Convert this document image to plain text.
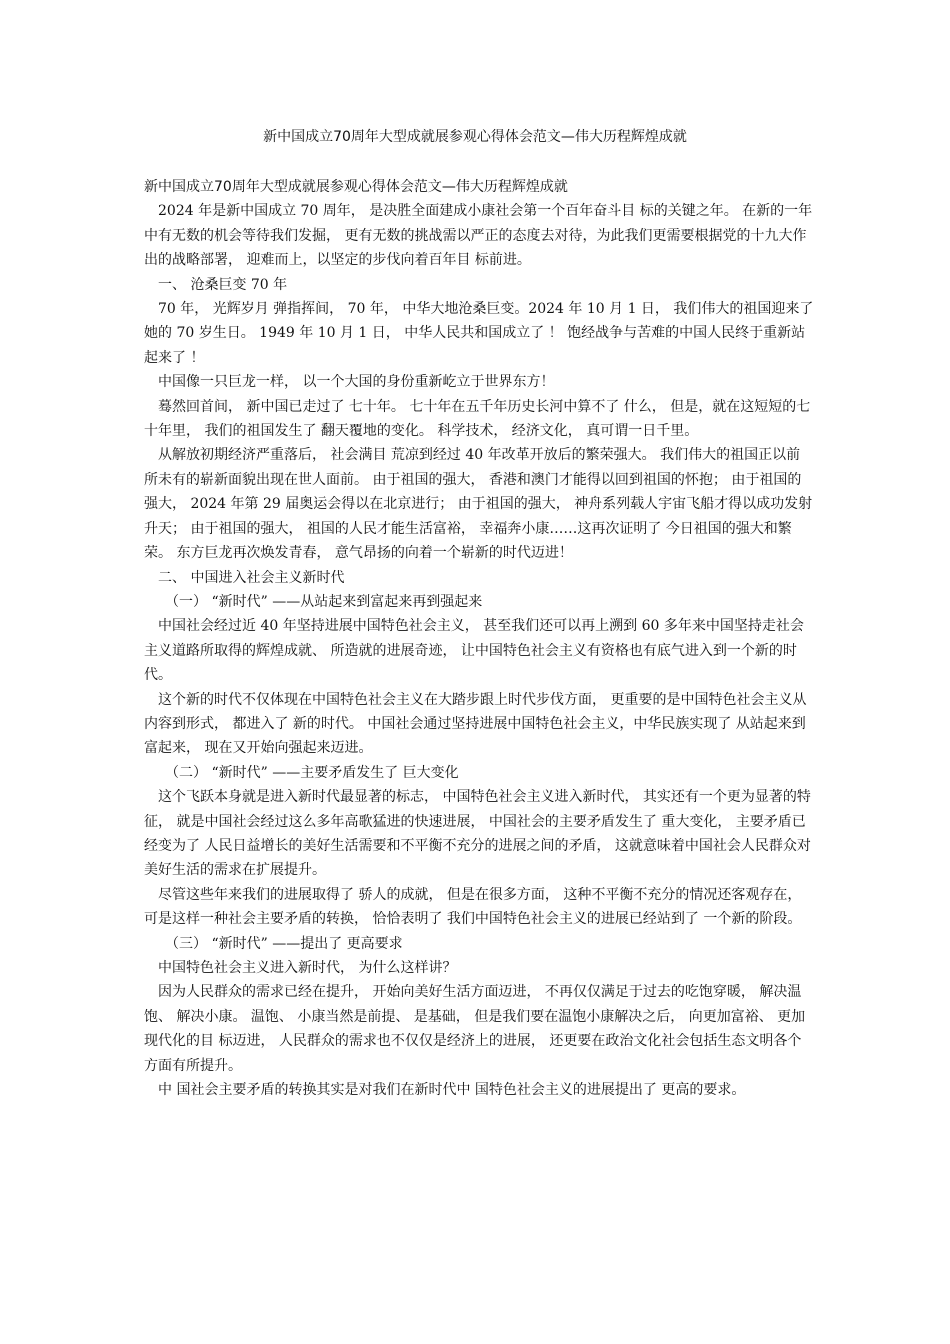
新中国成立70周年大型成就展参观心得体会范文—伟大历程辉煌成就

新中国成立70周年大型成就展参观心得体会范文—伟大历程辉煌成就

2024 年是新中国成立 70 周年， 是决胜全面建成小康社会第一个百年奋斗目 标的关键之年。 在新的一年中有无数的机会等待我们发掘， 更有无数的挑战需以严正的态度去对待，为此我们更需要根据党的十九大作出的战略部署， 迎难而上，以坚定的步伐向着百年目 标前进。

一、 沧桑巨变 70 年

70 年， 光辉岁月 弹指挥间， 70 年， 中华大地沧桑巨变。2024 年 10 月 1 日， 我们伟大的祖国迎来了 她的 70 岁生日。 1949 年 10 月 1 日， 中华人民共和国成立了 ！ 饱经战争与苦难的中国人民终于重新站起来了 ！

中国像一只巨龙一样， 以一个大国的身份重新屹立于世界东方！

蓦然回首间， 新中国已走过了 七十年。 七十年在五千年历史长河中算不了 什么， 但是，就在这短短的七十年里， 我们的祖国发生了 翻天覆地的变化。 科学技术， 经济文化， 真可谓一日千里。

从解放初期经济严重落后， 社会满目 荒凉到经过 40 年改革开放后的繁荣强大。 我们伟大的祖国正以前所未有的崭新面貌出现在世人面前。 由于祖国的强大， 香港和澳门才能得以回到祖国的怀抱； 由于祖国的强大， 2024 年第 29 届奥运会得以在北京进行； 由于祖国的强大， 神舟系列载人宇宙飞船才得以成功发射升天； 由于祖国的强大， 祖国的人民才能生活富裕， 幸福奔小康……这再次证明了 今日祖国的强大和繁荣。 东方巨龙再次焕发青春， 意气昂扬的向着一个崭新的时代迈进！

二、 中国进入社会主义新时代

（一） “新时代” ——从站起来到富起来再到强起来

中国社会经过近 40 年坚持进展中国特色社会主义， 甚至我们还可以再上溯到 60 多年来中国坚持走社会主义道路所取得的辉煌成就、 所造就的进展奇迹， 让中国特色社会主义有资格也有底气进入到一个新的时代。

这个新的时代不仅体现在中国特色社会主义在大踏步跟上时代步伐方面， 更重要的是中国特色社会主义从内容到形式， 都进入了 新的时代。 中国社会通过坚持进展中国特色社会主义，中华民族实现了 从站起来到富起来， 现在又开始向强起来迈进。

（二） “新时代” ——主要矛盾发生了 巨大变化

这个飞跃本身就是进入新时代最显著的标志， 中国特色社会主义进入新时代， 其实还有一个更为显著的特征， 就是中国社会经过这么多年高歌猛进的快速进展， 中国社会的主要矛盾发生了 重大变化， 主要矛盾已经变为了 人民日益增长的美好生活需要和不平衡不充分的进展之间的矛盾， 这就意味着中国社会人民群众对美好生活的需求在扩展提升。

尽管这些年来我们的进展取得了 骄人的成就， 但是在很多方面， 这种不平衡不充分的情况还客观存在， 可是这样一种社会主要矛盾的转换， 恰恰表明了 我们中国特色社会主义的进展已经站到了 一个新的阶段。

（三） “新时代” ——提出了 更高要求

中国特色社会主义进入新时代， 为什么这样讲？

因为人民群众的需求已经在提升， 开始向美好生活方面迈进， 不再仅仅满足于过去的吃饱穿暖， 解决温饱、 解决小康。 温饱、 小康当然是前提、 是基础， 但是我们要在温饱小康解决之后， 向更加富裕、 更加现代化的目 标迈进， 人民群众的需求也不仅仅是经济上的进展， 还更要在政治文化社会包括生态文明各个方面有所提升。

中 国社会主要矛盾的转换其实是对我们在新时代中 国特色社会主义的进展提出了 更高的要求。
